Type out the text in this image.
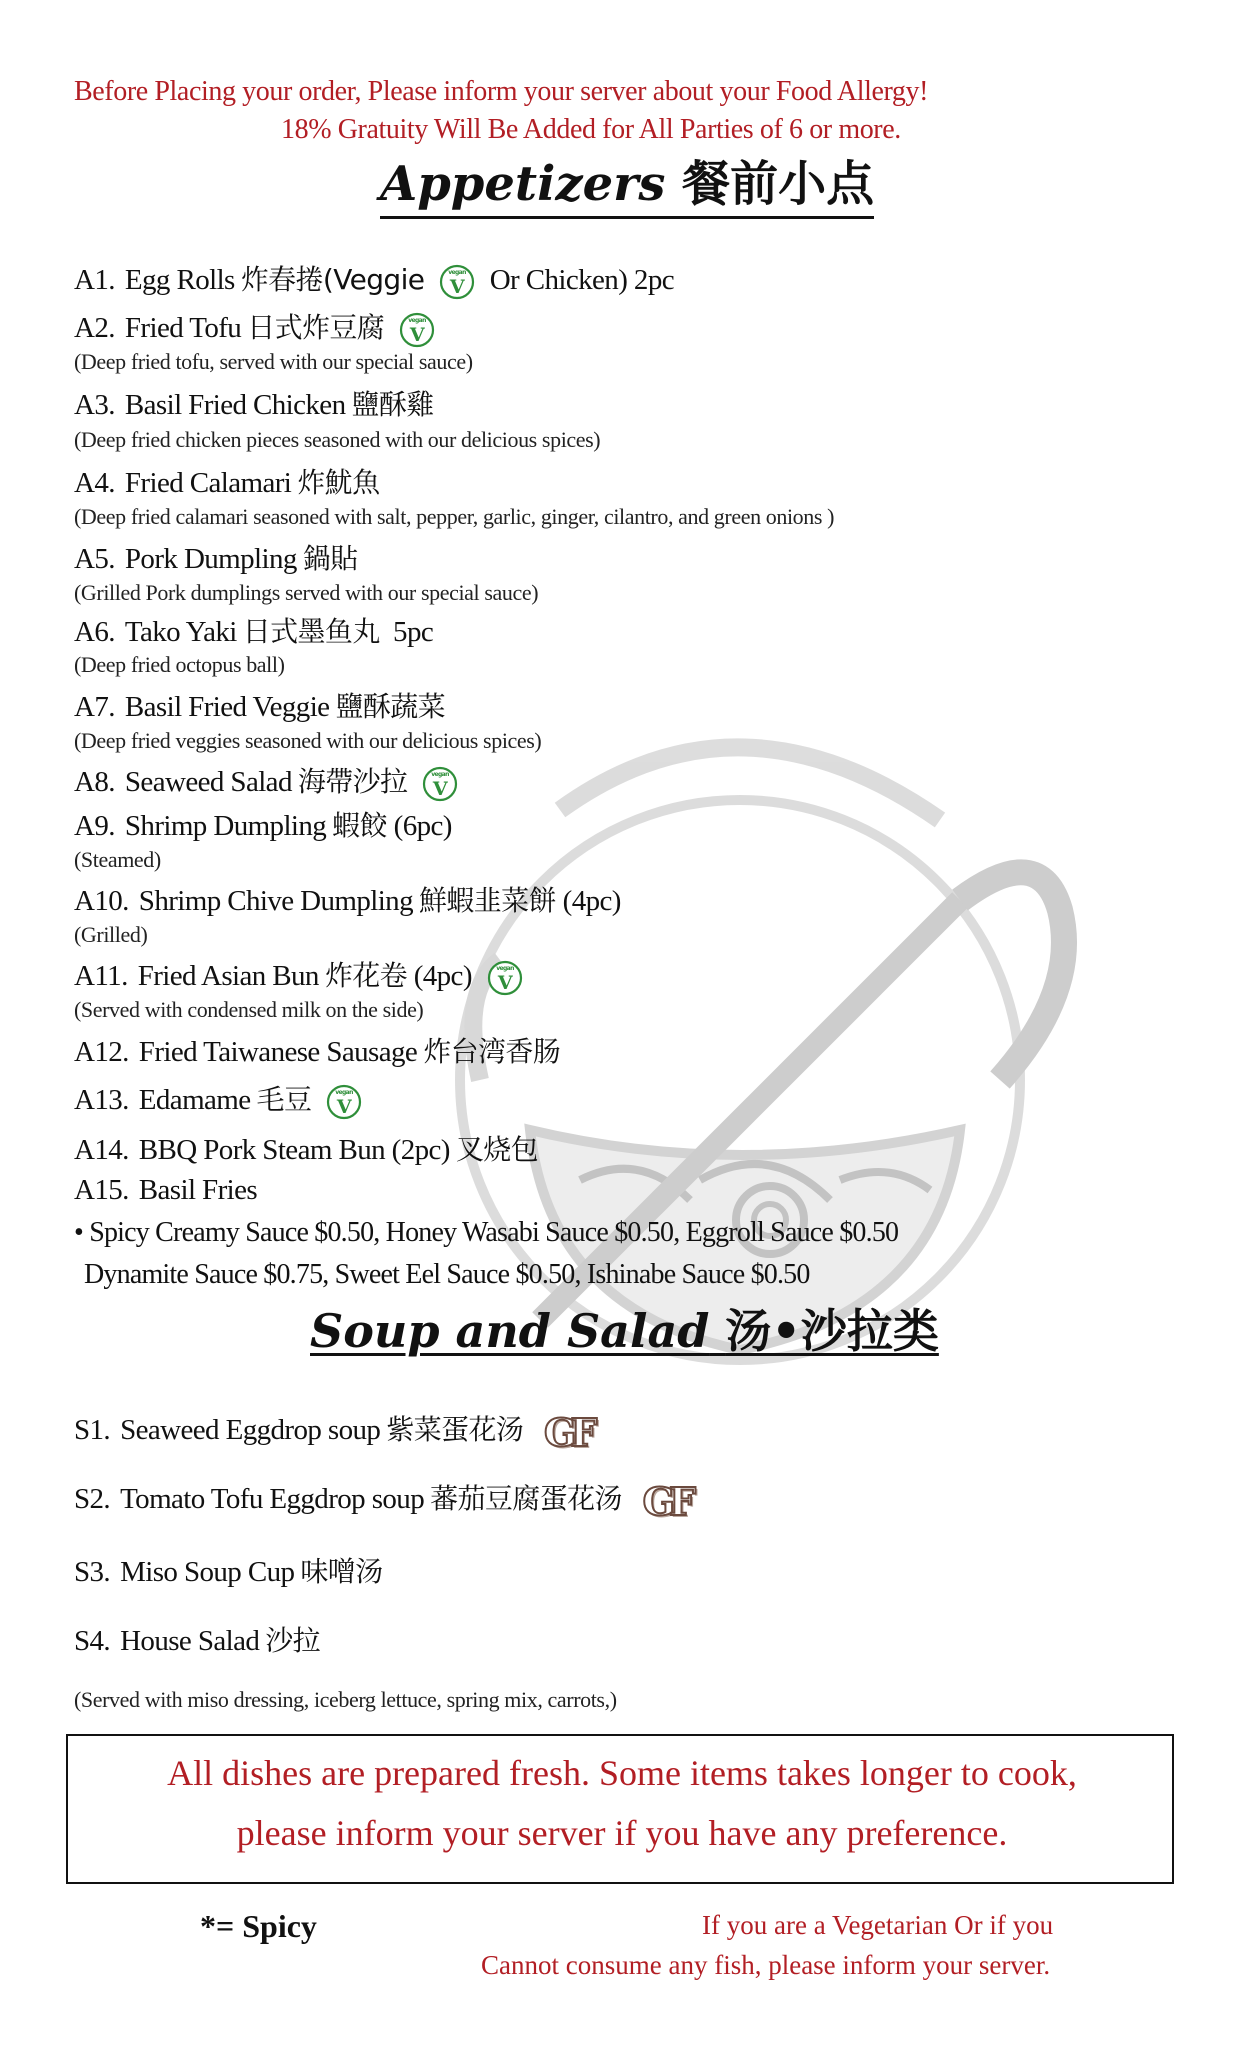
Before Placing your order, Please inform your server about your Food Allergy!
18% Gratuity Will Be Added for All Parties of 6 or more.
Appetizers 餐前小点
A1. Egg Rolls 炸春捲(Veggie Or Chicken) 2pc
A2. Fried Tofu 日式炸豆腐
(Deep fried tofu, served with our special sauce)
A3. Basil Fried Chicken 鹽酥雞
(Deep fried chicken pieces seasoned with our delicious spices)
A4. Fried Calamari 炸魷魚
(Deep fried calamari seasoned with salt, pepper, garlic, ginger, cilantro, and green onions )
A5. Pork Dumpling 鍋貼
(Grilled Pork dumplings served with our special sauce)
A6. Tako Yaki 日式墨鱼丸 5pc
(Deep fried octopus ball)
A7. Basil Fried Veggie 鹽酥蔬菜
(Deep fried veggies seasoned with our delicious spices)
A8. Seaweed Salad 海帶沙拉
A9. Shrimp Dumpling 蝦餃 (6pc)
(Steamed)
A10. Shrimp Chive Dumpling 鮮蝦韭菜餅 (4pc)
(Grilled)
A11. Fried Asian Bun 炸花卷 (4pc)
(Served with condensed milk on the side)
A12. Fried Taiwanese Sausage 炸台湾香肠
A13. Edamame 毛豆
A14. BBQ Pork Steam Bun (2pc) 叉烧包
A15. Basil Fries
• Spicy Creamy Sauce $0.50, Honey Wasabi Sauce $0.50, Eggroll Sauce $0.50
Dynamite Sauce $0.75, Sweet Eel Sauce $0.50, Ishinabe Sauce $0.50
Soup and Salad 汤•沙拉类
S1. Seaweed Eggdrop soup 紫菜蛋花汤 GF
S2. Tomato Tofu Eggdrop soup 蕃茄豆腐蛋花汤 GF
S3. Miso Soup Cup 味噌汤
S4. House Salad 沙拉
(Served with miso dressing, iceberg lettuce, spring mix, carrots,)
All dishes are prepared fresh. Some items takes longer to cook,
please inform your server if you have any preference.
*= Spicy	If you are a Vegetarian Or if you
Cannot consume any fish, please inform your server.
